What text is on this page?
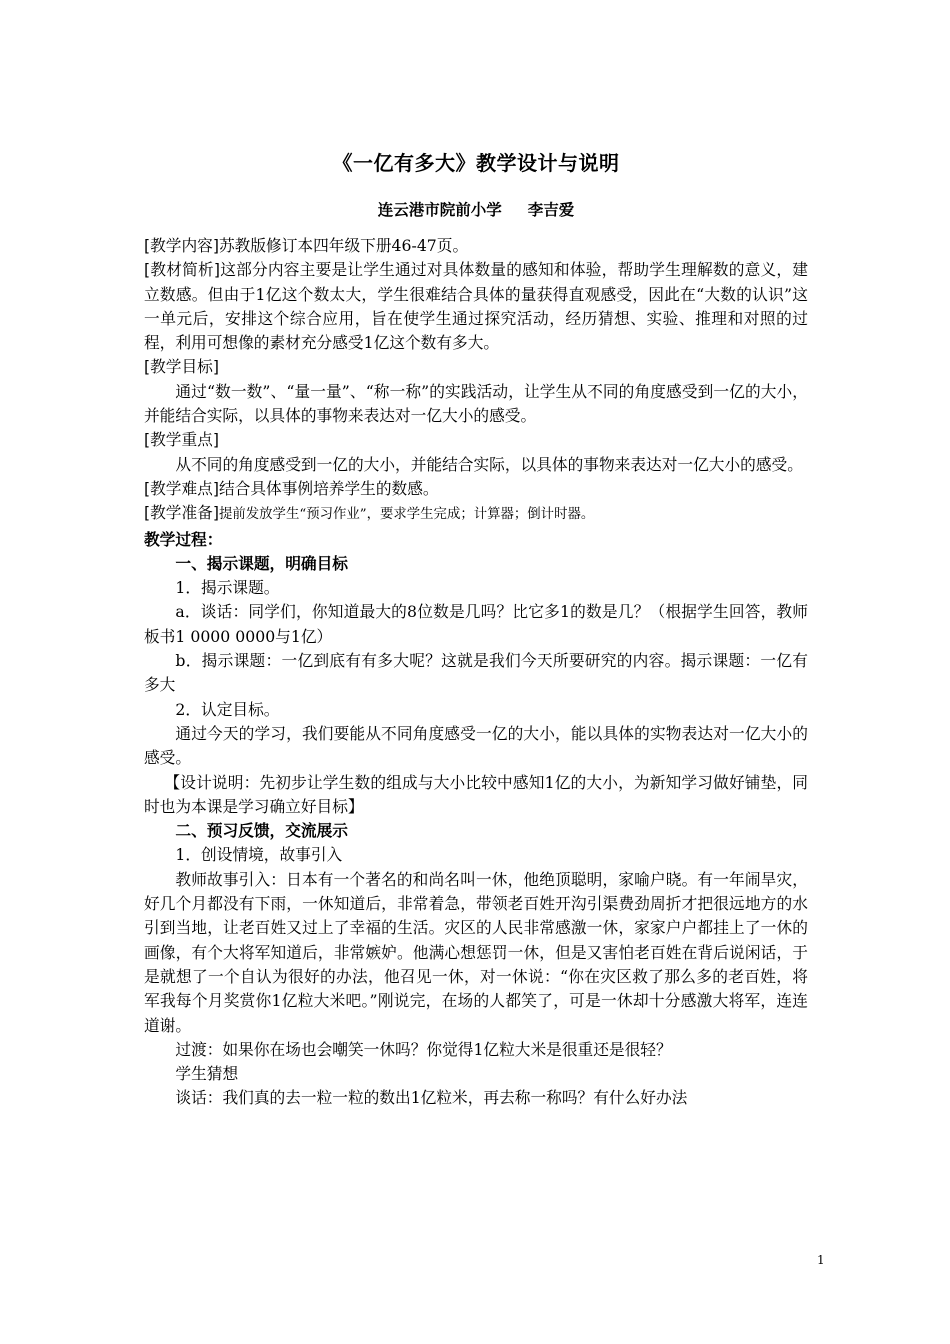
《一亿有多大》教学设计与说明
连云港市院前小学 李吉爱

[教学内容]苏教版修订本四年级下册46-47页。

[教材简析]这部分内容主要是让学生通过对具体数量的感知和体验，帮助学生理解数的意义，建立数感。但由于1亿这个数太大，学生很难结合具体的量获得直观感受，因此在“大数的认识”这一单元后，安排这个综合应用，旨在使学生通过探究活动，经历猜想、实验、推理和对照的过程，利用可想像的素材充分感受1亿这个数有多大。

[教学目标]

通过“数一数”、“量一量”、“称一称”的实践活动，让学生从不同的角度感受到一亿的大小，并能结合实际，以具体的事物来表达对一亿大小的感受。

[教学重点]

从不同的角度感受到一亿的大小，并能结合实际，以具体的事物来表达对一亿大小的感受。

[教学难点]结合具体事例培养学生的数感。

[教学准备]提前发放学生“预习作业”，要求学生完成；计算器；倒计时器。

教学过程：

一、揭示课题，明确目标

1．揭示课题。

a．谈话：同学们，你知道最大的8位数是几吗？比它多1的数是几？（根据学生回答，教师板书1 0000 0000与1亿）

b．揭示课题：一亿到底有有多大呢？这就是我们今天所要研究的内容。揭示课题：一亿有多大

2．认定目标。

通过今天的学习，我们要能从不同角度感受一亿的大小，能以具体的实物表达对一亿大小的感受。

【设计说明：先初步让学生数的组成与大小比较中感知1亿的大小，为新知学习做好铺垫，同时也为本课是学习确立好目标】

二、预习反馈，交流展示

1．创设情境，故事引入

教师故事引入：日本有一个著名的和尚名叫一休，他绝顶聪明，家喻户晓。有一年闹旱灾，好几个月都没有下雨，一休知道后，非常着急，带领老百姓开沟引渠费劲周折才把很远地方的水引到当地，让老百姓又过上了幸福的生活。灾区的人民非常感激一休，家家户户都挂上了一休的画像，有个大将军知道后，非常嫉妒。他满心想惩罚一休，但是又害怕老百姓在背后说闲话，于是就想了一个自认为很好的办法，他召见一休，对一休说：“你在灾区救了那么多的老百姓，将军我每个月奖赏你1亿粒大米吧。”刚说完，在场的人都笑了，可是一休却十分感激大将军，连连道谢。

过渡：如果你在场也会嘲笑一休吗？你觉得1亿粒大米是很重还是很轻？

学生猜想

谈话：我们真的去一粒一粒的数出1亿粒米，再去称一称吗？有什么好办法

1
